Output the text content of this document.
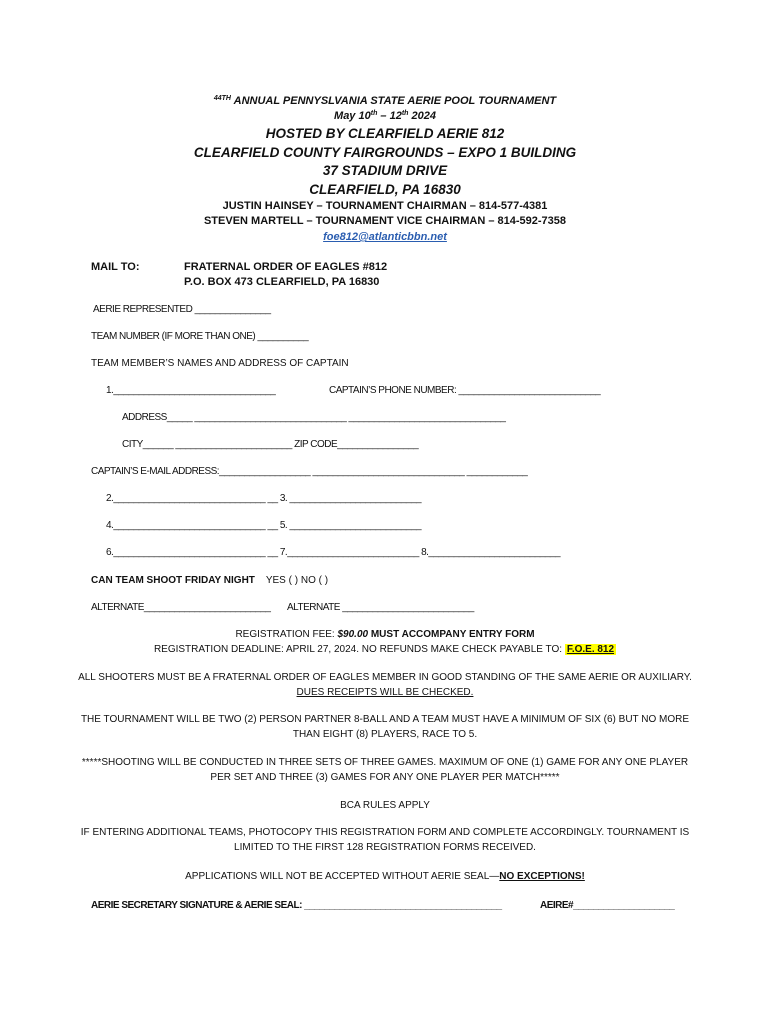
$^{44TH}$ ANNUAL PENNYSLVANIA STATE AERIE POOL TOURNAMENT
May 10th – 12th 2024
HOSTED BY CLEARFIELD AERIE 812
CLEARFIELD COUNTY FAIRGROUNDS – EXPO 1 BUILDING
37 STADIUM DRIVE
CLEARFIELD, PA 16830
JUSTIN HAINSEY – TOURNAMENT CHAIRMAN – 814-577-4381
STEVEN MARTELL – TOURNAMENT VICE CHAIRMAN – 814-592-7358
foe812@atlanticbbn.net
MAIL TO:	FRATERNAL ORDER OF EAGLES #812
P.O. BOX 473 CLEARFIELD, PA 16830
AERIE REPRESENTED _______________
TEAM NUMBER (IF MORE THAN ONE) __________
TEAM MEMBER’S NAMES AND ADDRESS OF CAPTAIN
1.________________________________	CAPTAIN’S PHONE NUMBER: ____________________________
ADDRESS_____ ______________________________ _______________________________
CITY______ _______________________ ZIP CODE________________
CAPTAIN’S E-MAIL ADDRESS:__________________ ______________________________ ____________
2.______________________________ __ 3. __________________________
4.______________________________ __ 5. __________________________
6.______________________________ __ 7.__________________________ 8.__________________________
CAN TEAM SHOOT FRIDAY NIGHT YES ( ) NO ( )
ALTERNATE_________________________ ALTERNATE __________________________
REGISTRATION FEE: $90.00 MUST ACCOMPANY ENTRY FORM
REGISTRATION DEADLINE: APRIL 27, 2024. NO REFUNDS MAKE CHECK PAYABLE TO: F.O.E. 812
ALL SHOOTERS MUST BE A FRATERNAL ORDER OF EAGLES MEMBER IN GOOD STANDING OF THE SAME AERIE OR AUXILIARY.
DUES RECEIPTS WILL BE CHECKED.
THE TOURNAMENT WILL BE TWO (2) PERSON PARTNER 8-BALL AND A TEAM MUST HAVE A MINIMUM OF SIX (6) BUT NO MORE
THAN EIGHT (8) PLAYERS, RACE TO 5.
*****SHOOTING WILL BE CONDUCTED IN THREE SETS OF THREE GAMES. MAXIMUM OF ONE (1) GAME FOR ANY ONE PLAYER
PER SET AND THREE (3) GAMES FOR ANY ONE PLAYER PER MATCH*****
BCA RULES APPLY
IF ENTERING ADDITIONAL TEAMS, PHOTOCOPY THIS REGISTRATION FORM AND COMPLETE ACCORDINGLY. TOURNAMENT IS
LIMITED TO THE FIRST 128 REGISTRATION FORMS RECEIVED.
APPLICATIONS WILL NOT BE ACCEPTED WITHOUT AERIE SEAL—NO EXCEPTIONS!
AERIE SECRETARY SIGNATURE & AERIE SEAL: _______________________________________	AEIRE#____________________
